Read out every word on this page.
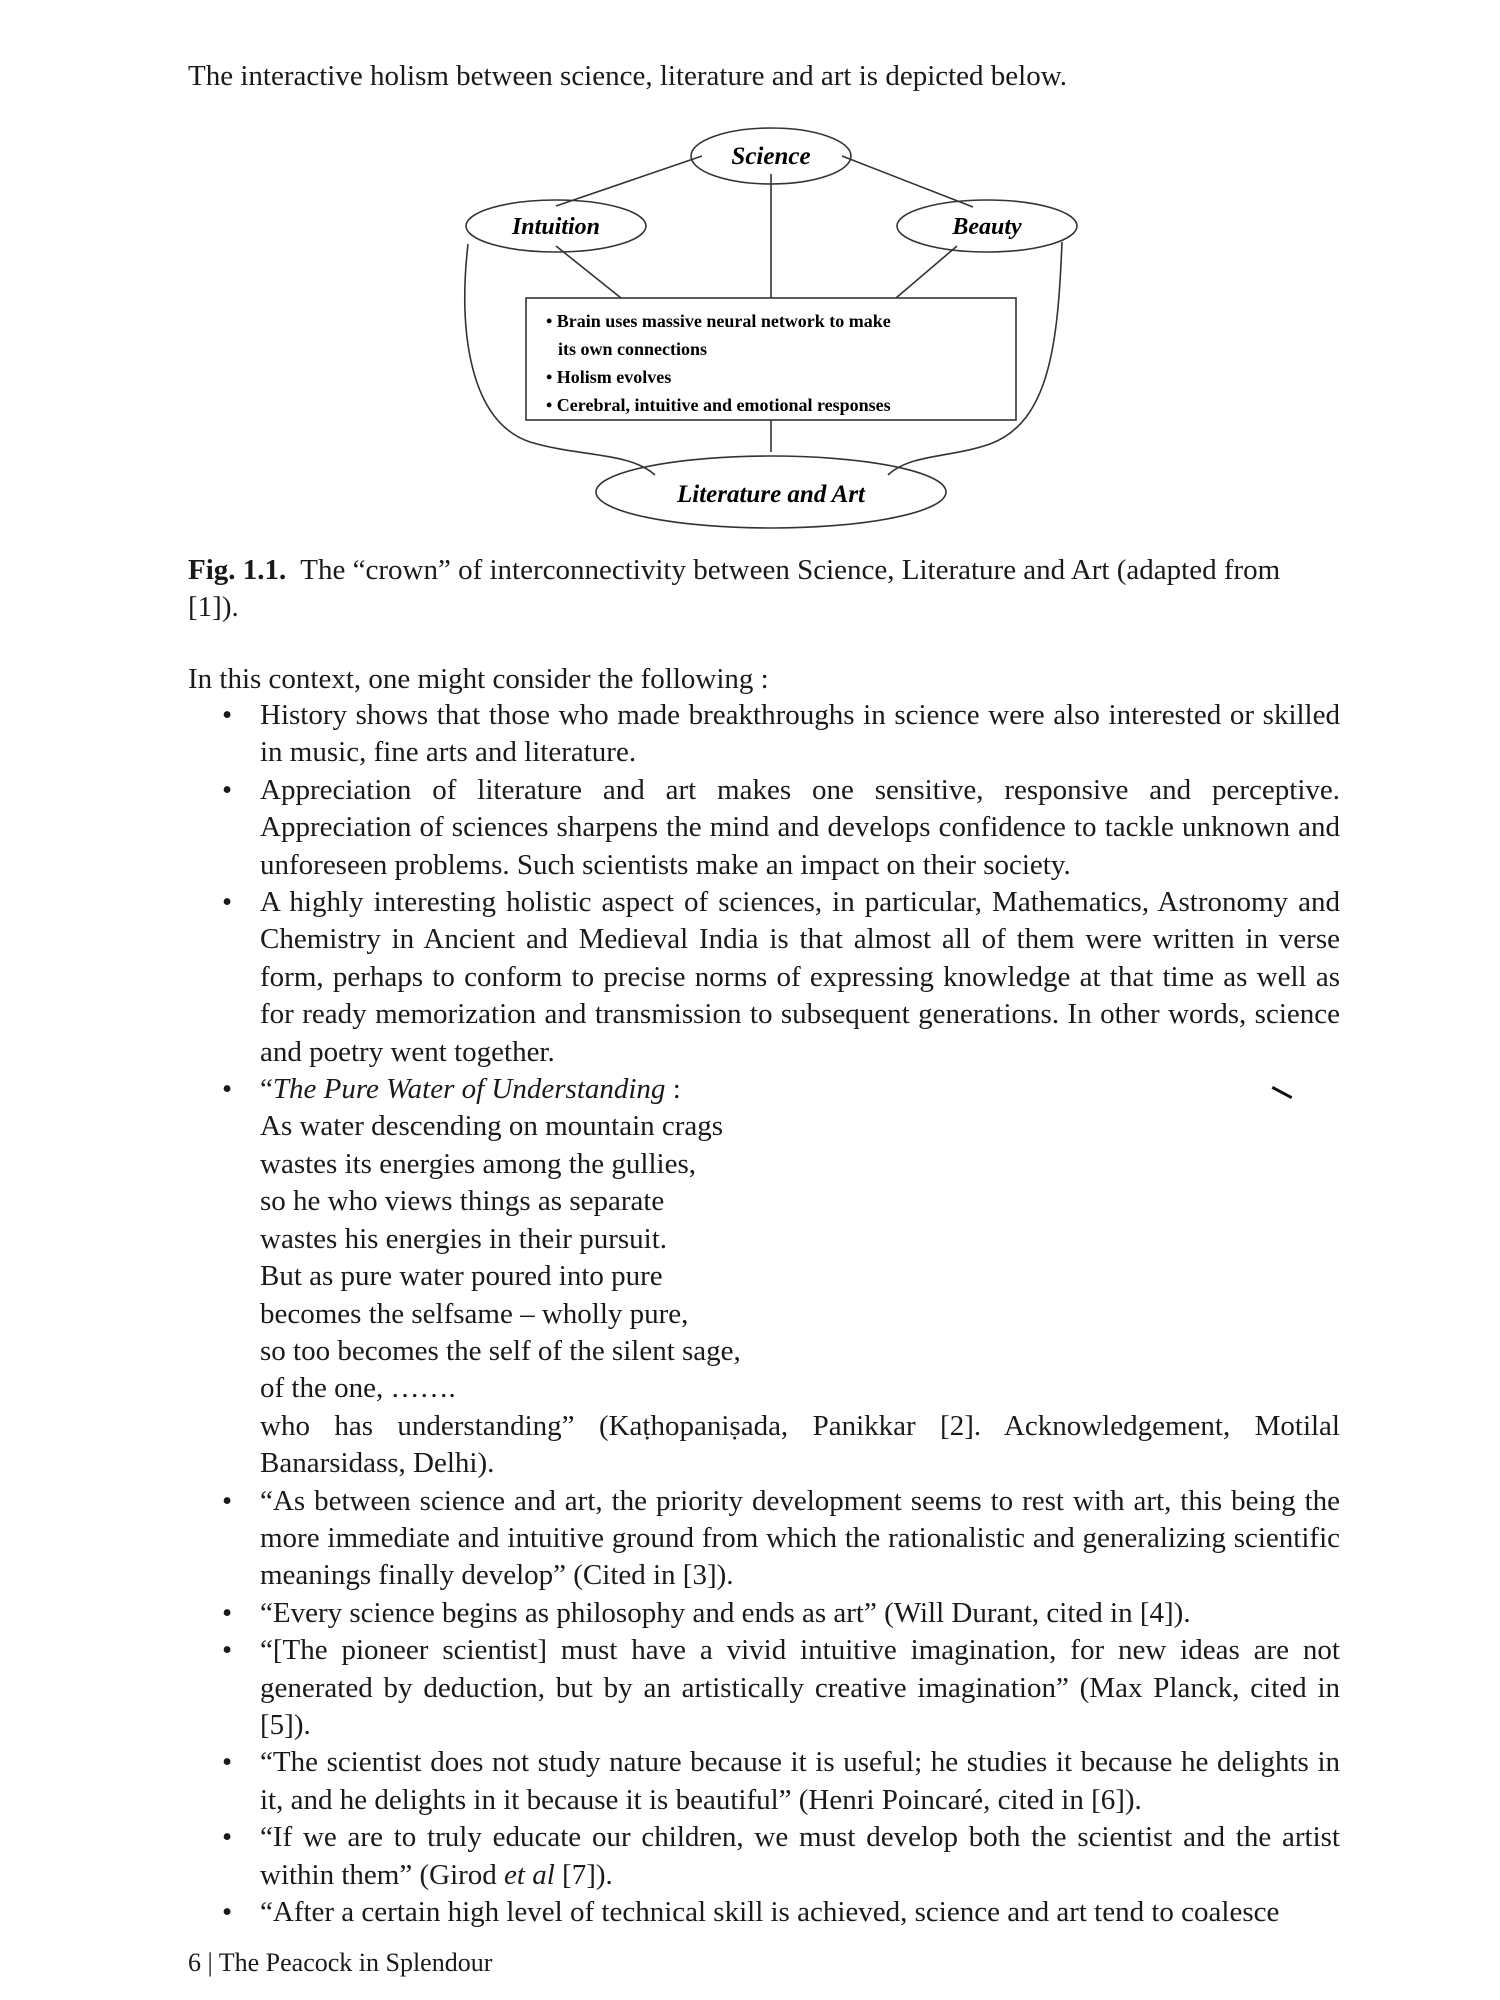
The interactive holism between science, literature and art is depicted below.

Science
Intuition	Beauty
Literature and Art
• Brain uses massive neural network to make
its own connections
• Holism evolves
• Cerebral, intuitive and emotional responses

Fig. 1.1. The “crown” of interconnectivity between Science, Literature and Art (adapted from [1]).

In this context, one might consider the following :

• History shows that those who made breakthroughs in science were also interested or skilled in music, fine arts and literature.
• Appreciation of literature and art makes one sensitive, responsive and perceptive. Appreciation of sciences sharpens the mind and develops confidence to tackle unknown and unforeseen problems. Such scientists make an impact on their society.
• A highly interesting holistic aspect of sciences, in particular, Mathematics, Astronomy and Chemistry in Ancient and Medieval India is that almost all of them were written in verse form, perhaps to conform to precise norms of expressing knowledge at that time as well as for ready memorization and transmission to subsequent generations. In other words, science and poetry went together.
• “The Pure Water of Understanding :
As water descending on mountain crags
wastes its energies among the gullies,
so he who views things as separate
wastes his energies in their pursuit.
But as pure water poured into pure
becomes the selfsame – wholly pure,
so too becomes the self of the silent sage,
of the one, …….
who has understanding” (Kaṭhopaniṣada, Panikkar [2]. Acknowledgement, Motilal Banarsidass, Delhi).
• “As between science and art, the priority development seems to rest with art, this being the more immediate and intuitive ground from which the rationalistic and generalizing scientific meanings finally develop” (Cited in [3]).
• “Every science begins as philosophy and ends as art” (Will Durant, cited in [4]).
• “[The pioneer scientist] must have a vivid intuitive imagination, for new ideas are not generated by deduction, but by an artistically creative imagination” (Max Planck, cited in [5]).
• “The scientist does not study nature because it is useful; he studies it because he delights in it, and he delights in it because it is beautiful” (Henri Poincaré, cited in [6]).
• “If we are to truly educate our children, we must develop both the scientist and the artist within them” (Girod et al [7]).
• “After a certain high level of technical skill is achieved, science and art tend to coalesce

6 | The Peacock in Splendour
